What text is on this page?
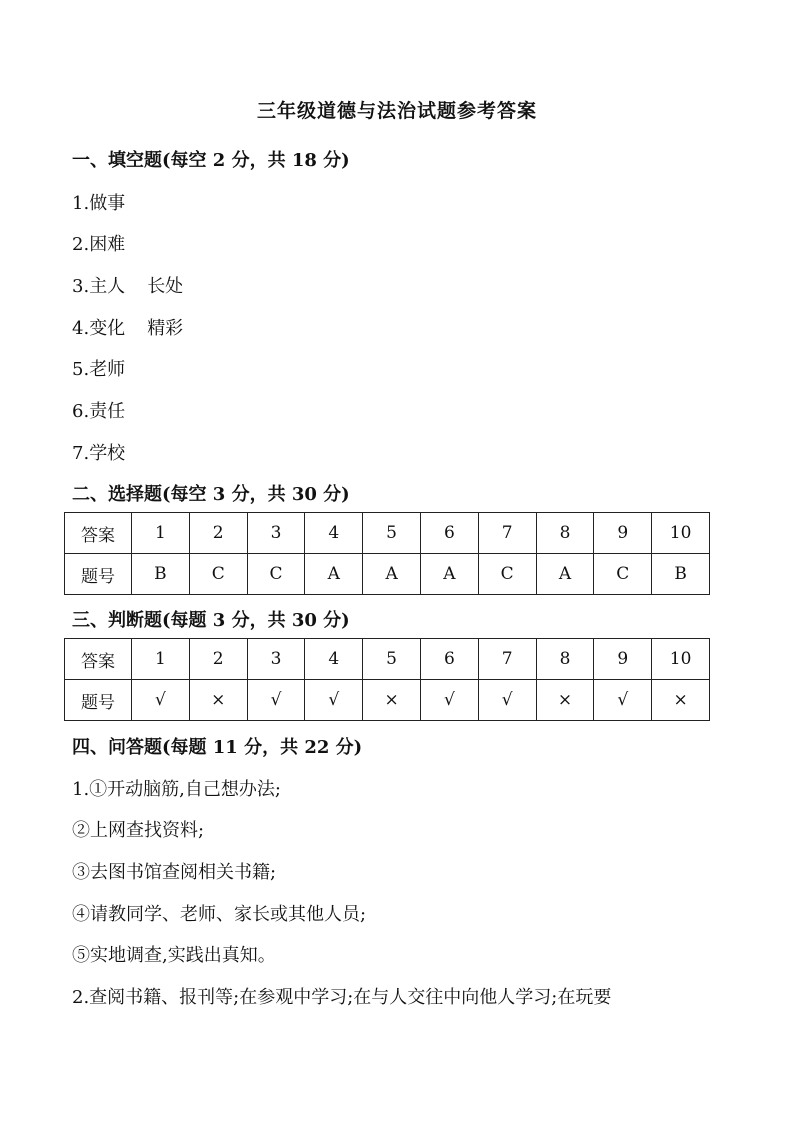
三年级道德与法治试题参考答案
一、填空题(每空 2 分，共 18 分)
1.做事
2.困难
3.主人 长处
4.变化 精彩
5.老师
6.责任
7.学校
二、选择题(每空 3 分，共 30 分)
答案	1	2	3	4	5	6	7	8	9	10
题号	B	C	C	A	A	A	C	A	C	B
三、判断题(每题 3 分，共 30 分)
答案	1	2	3	4	5	6	7	8	9	10
题号	√	×	√	√	×	√	√	×	√	×
四、问答题(每题 11 分，共 22 分)
1.①开动脑筋,自己想办法;
②上网查找资料;
③去图书馆查阅相关书籍;
④请教同学、老师、家长或其他人员;
⑤实地调查,实践出真知。
2.查阅书籍、报刊等;在参观中学习;在与人交往中向他人学习;在玩要
